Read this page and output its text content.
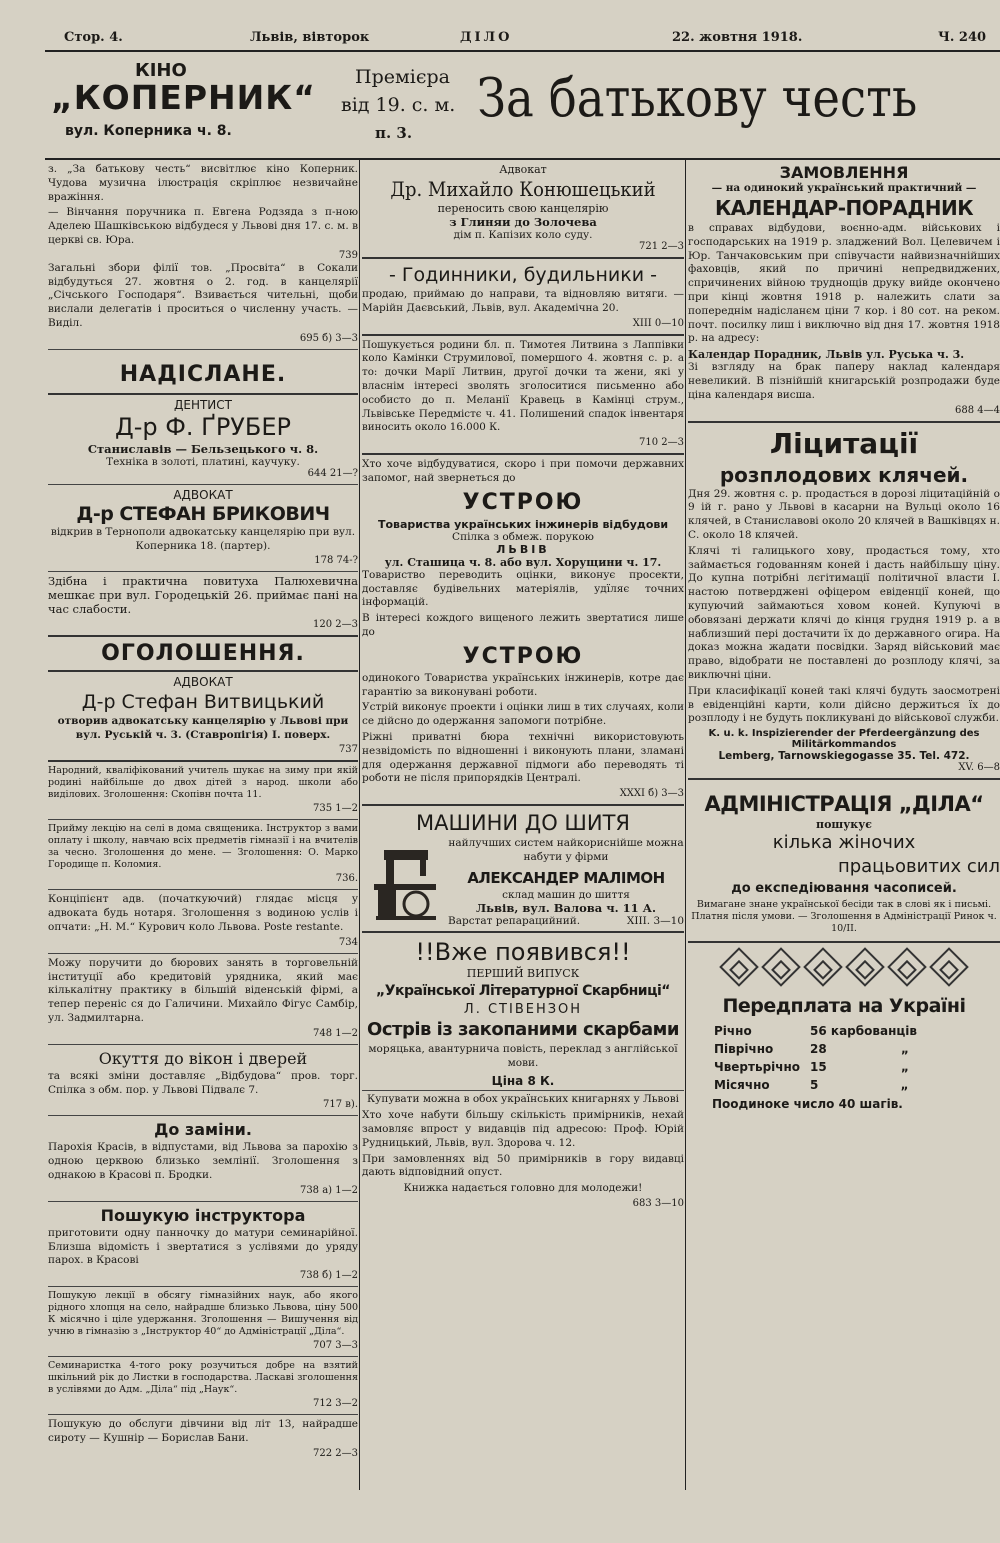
Стор. 4.	Львів, вівторок	ДІЛО	22. жовтня 1918.	Ч. 240
КІНО
„КОПЕРНИК“
вул. Коперника ч. 8.
Премієра
від 19. с. м.
п. 3.
За батькову честь

з. „За батькову честь“ висвітлює кіно Коперник. Чудова музична ілюстрація скріплює незвичайне вражіння.

— Вінчання поручника п. Евгена Родзяда з п-ною Аделею Шашківською відбудеся у Львові дня 17. с. м. в церкві св. Юра.

739

Загальні збори філії тов. „Просвіта“ в Сокали відбудуться 27. жовтня о 2. год. в канцелярії „Січського Господаря“. Взивається чительні, щоби вислали делегатів і проситься о численну участь. — Виділ.

695 б) 3—3
НАДІСЛАНЕ.
ДЕНТИСТ
Д-р Ф. ҐРУБЕР
Станиславів — Бельзецького ч. 8.
Техніка в золоті, платині, каучуку.
644 21—?
АДВОКАТ
Д-р СТЕФАН БРИКОВИЧ

відкрив в Тернополи адвокатську канцелярію при вул. Коперника 18. (партер).

178 74-?

Здібна і практична повитуха Палюхевична мешкає при вул. Городецькій 26. приймає пані на час слабости.

120 2—3
ОГОЛОШЕННЯ.
АДВОКАТ
Д-р Стефан Витвицький

отворив адвокатську канцелярію у Львові при вул. Руській ч. 3. (Ставропігія) I. поверх.

737

Народний, кваліфікований учитель шукає на зиму при якій родині найбільше до двох дітей з народ. школи або виділових. Зголошення: Скопівн почта 11.

735 1—2

Прийму лекцію на селі в дома священика. Інструктор з вами оплату і школу, навчаю всіх предметів гімназії і на вчителів за чесно. Зголошення до мене. — Зголошення: О. Марко Городище п. Коломия.

736.

Конціпієнт адв. (початкуючий) глядає місця у адвоката будь нотаря. Зголошення з водиною услів і опчати: „Н. М.“ Курович коло Львова. Poste restante.

734

Можу поручити до бюрових занять в торговельній інституції або кредитовій урядника, який має кількалітну практику в більшій віденській фірмі, а тепер переніс ся до Галичини. Михайло Фігус Самбір, ул. Задмилтарна.

748 1—2
Окуття до вікон і дверей

та всякі зміни доставляє „Відбудова“ пров. торг. Спілка з обм. пор. у Львові Підвалє 7.

717 в).
До заміни.

Парохія Красів, в відпустами, від Львова за парохію з одною церквою близько землінії. Зголошення з однакою в Красові п. Бродки.

738 а) 1—2
Пошукую інструктора

приготовити одну панночку до матури семинарійної. Близша відомість і звертатися з услівями до уряду парох. в Красові

738 б) 1—2

Пошукую лекції в обсягу гімназійних наук, або якого рідного хлопця на село, найрадше близько Львова, ціну 500 К місячно і ціле удержання. Зголошення — Вишучення від учню в гімназію з „Інструктор 40“ до Адміністрації „Діла“.

707 3—3

Семинаристка 4-того року розучиться добре на взятий шкільний рік до Листки в господарства. Ласкаві зголошення в услівями до Адм. „Діла“ під „Наук“.

712 3—2

Пошукую до обслуги дівчини від літ 13, найрадше сироту — Кушнір — Борислав Бани.

722 2—3
Адвокат
Др. Михайло Конюшецький
переносить свою канцелярію
з Глиняи до Золочева
дім п. Капізих коло суду.
721 2—3
- Годинники, будильники -

продаю, приймаю до направи, та відновляю витяги. — Марійн Даєвський, Львів, вул. Академічна 20.

XIII 0—10

Пошукується родини бл. п. Тимотея Литвина з Лаппівки коло Камінки Струмилової, помершого 4. жовтня с. р. а то: дочки Марії Литвин, другої дочки та жени, які у власнім інтересі зволять зголоситися письменно або особисто до п. Меланії Кравець в Камінці струм., Львівське Передмістє ч. 41. Полишений спадок інвентаря виносить около 16.000 К.

710 2—3

Хто хоче відбудуватися, скоро і при помочи державних запомог, най звернеться до

УСТРОЮ
Товариства українських інжинерів відбудови
Спілка з обмеж. порукою
ЛЬВІВ
ул. Сташица ч. 8. або вул. Хорущини ч. 17.

Товариство переводить оцінки, виконує просекти, доставляє будівельних матеріялів, удїляє точних інформацій.

В інтересі кождого вищеного лежить звертатися лише до

УСТРОЮ

одинокого Товариства українських інжинерів, котре дає гарантію за виконувані роботи.

Устрій виконує проекти і оцінки лиш в тих случаях, коли се дійсно до одержання запомоги потрібне.

Ріжні приватні бюра технічні використовують незвідомість по відношенні і виконують плани, зламані для одержання державної підмоги або переводять ті роботи не після припорядків Централі.

XXXI б) 3—3
МАШИНИ ДО ШИТЯ

найлучших систем найкориснійше можна набути у фірми

АЛЕКСАНДЕР МАЛІМОН
склад машин до шиття
Львів, вул. Валова ч. 11 А.
Варстат репарацийний.	XIII. 3—10
!!Вже появився!!
ПЕРШИЙ ВИПУСК
„Української Літературної Скарбниці“
Л. СТІВЕНЗОН
Острів із закопаними скарбами

моряцька, авантурнича повість, переклад з англійської мови.

Ціна 8 К.

Купувати можна в обох українських книгарнях у Львові

Хто хоче набути більшу скількість примірників, нехай замовляє впрост у видавців під адресою: Проф. Юрій Рудницький, Львів, вул. Здорова ч. 12.

При замовленнях від 50 примірників в гору видавці дають відповідний опуст.

Книжка надається головно для молодежи!

683 3—10
ЗАМОВЛЕННЯ
— на одинокий український практичний —
КАЛЕНДАР-ПОРАДНИК

в справах відбудови, воєнно-адм. військових і господарських на 1919 р. зладжений Вол. Целевичем і Юр. Танчаковським при співучасти найвизначнійших фаховців, який по причині непредвиджених, спричинених війною труднощів друку вийде окончено при кінці жовтня 1918 р. належить слати за попереднім надісланєм ціни 7 кор. і 80 сот. на реком. почт. посилку лиш і виключно від дня 17. жовтня 1918 р. на адресу:

Календар Порадник, Львів ул. Руська ч. 3.

Зі взгляду на брак паперу наклад календаря невеликий. В пізнійшій книгарській розпродажи буде ціна календаря висша.

688 4—4
Ліцитації
розплодових клячей.

Дня 29. жовтня с. р. продасться в дорозі ліцитаційній о 9 ій г. рано у Львові в касарни на Вульці около 16 клячей, в Станиславові около 20 клячей в Вашківцях н. С. около 18 клячей.

Клячі ті галицького хову, продасться тому, хто займається годованням коней і дасть найбільшу ціну. До купна потрібні лєгітимації політичної власти I. настою потверджені офіцером евіденції коней, що купуючий займаються ховом коней. Купуючі в обовязані держати клячі до кінця грудня 1919 р. а в наблизший пері достачити їх до державного огира. На доказ можна жадати посвідки. Заряд військовий має право, відобрати не поставлені до розплоду клячі, за виключні ціни.

При класифікації коней такі клячі будуть заосмотрені в евіденційні карти, коли дійсно держиться їх до розплоду і не будуть покликувані до військової служби.

K. u. k. Inspizierender der Pferdeergänzung des Militärkommandos
Lemberg, Tarnowskiegogasse 35. Tel. 472.
XV. 6—8
АДМІНІСТРАЦІЯ „ДІЛА“
пошукує
кілька жіночих
працьовитих сил
до експедіювання часописей.

Вимагане знане української бесіди так в слові як і письмі. Платня після умови. — Зголошення в Адміністрації Ринок ч. 10/II.

Передплата на Україні
Річно	56 карбованців
Піврічно	28 „
Чвертьрічно	15 „
Місячно	5 „
Поодиноке число 40 шагів.
